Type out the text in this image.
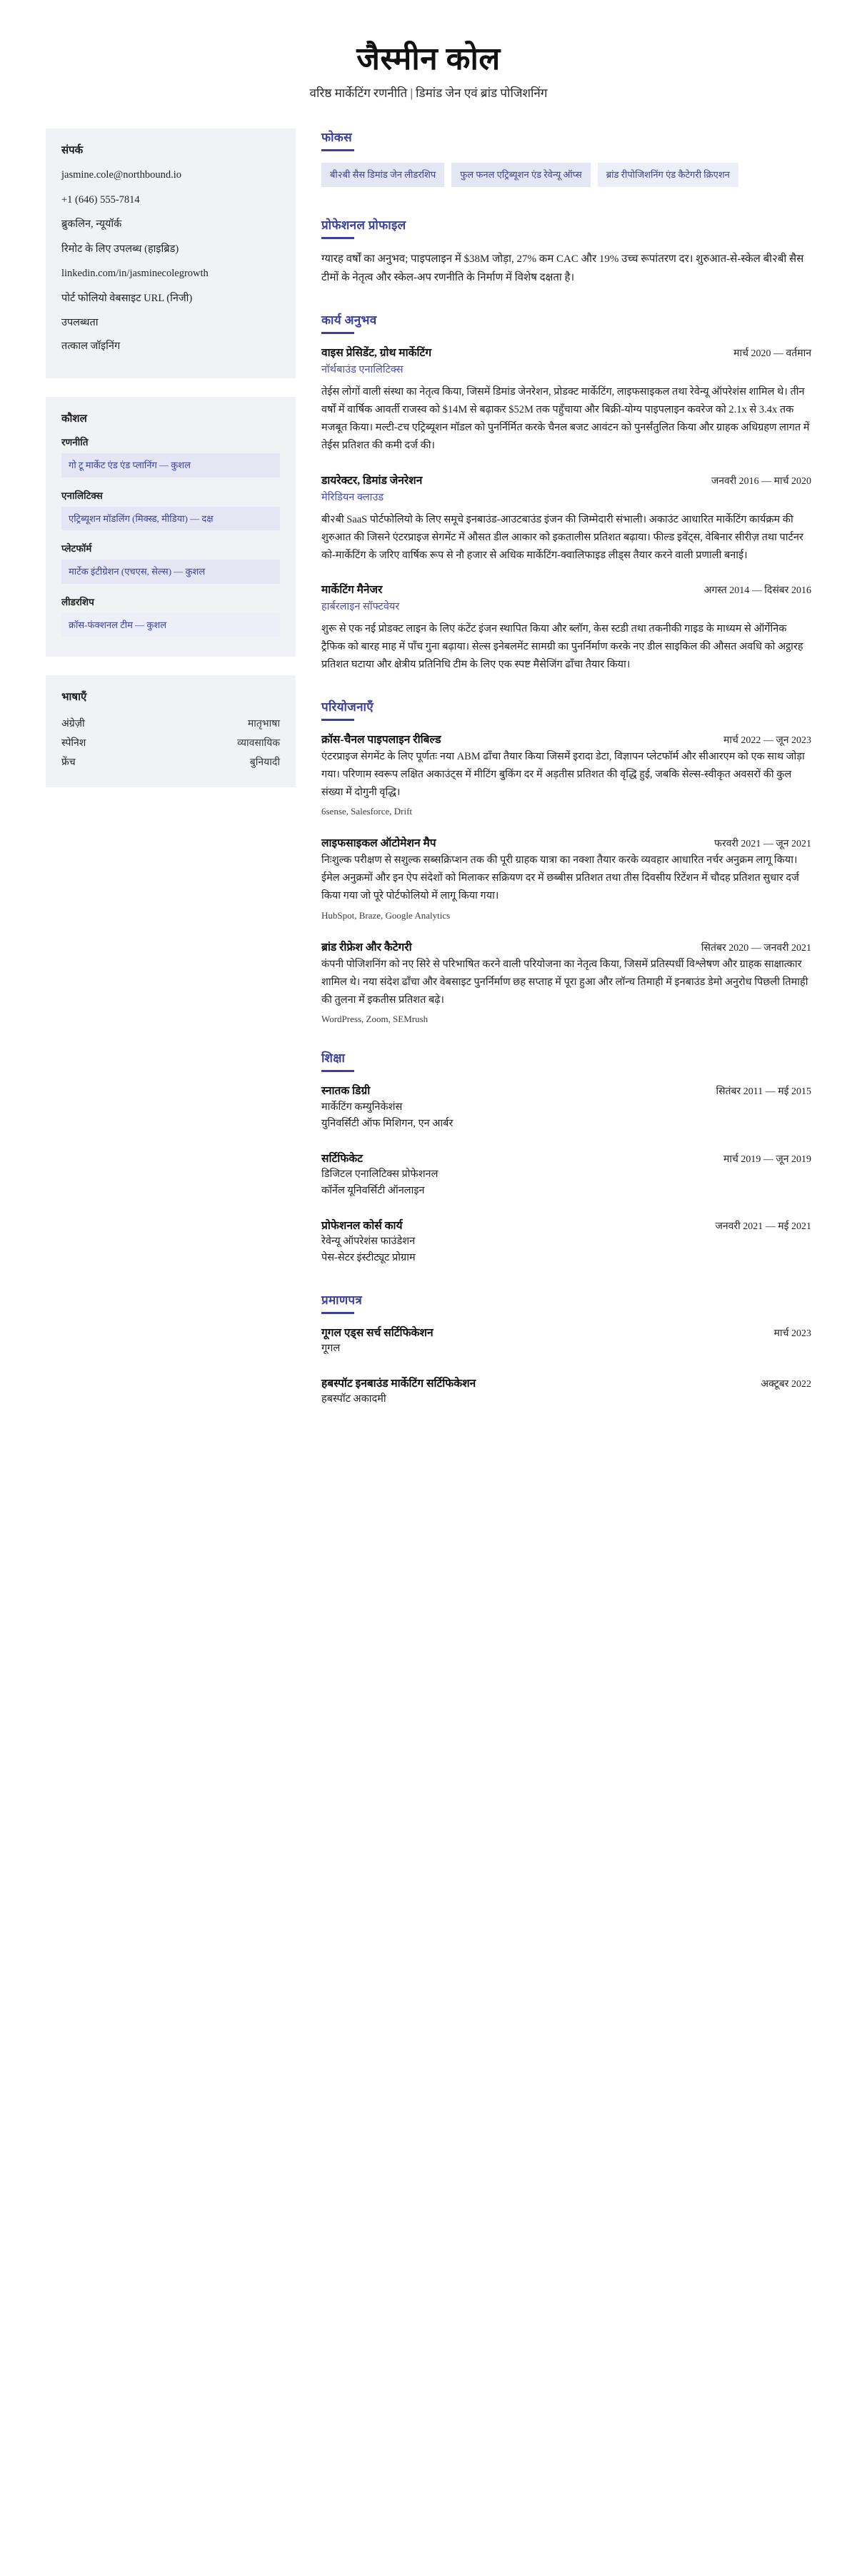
जैस्मीन कोल
वरिष्ठ मार्केटिंग रणनीति | डिमांड जेन एवं ब्रांड पोजिशनिंग
संपर्क
jasmine.cole@northbound.io
+1 (646) 555-7814
ब्रुकलिन, न्यूयॉर्क
रिमोट के लिए उपलब्ध (हाइब्रिड)
linkedin.com/in/jasminecolegrowth
पोर्ट फोलियो वेबसाइट URL (निजी)
उपलब्धता
तत्काल जॉइनिंग
कौशल
रणनीति
गो टू मार्केट एंड एंड प्लानिंग — कुशल
एनालिटिक्स
एट्रिब्यूशन मॉडलिंग (मिक्स्ड, मीडिया) — दक्ष
प्लेटफॉर्म
मार्टेक इंटीग्रेशन (एचएस, सेल्स) — कुशल
लीडरशिप
क्रॉस-फंक्शनल टीम — कुशल
भाषाएँ
अंग्रेज़ी	मातृभाषा
स्पेनिश	व्यावसायिक
फ्रेंच	बुनियादी
फोकस
बी२बी सैस डिमांड जेन लीडरशिप	फुल फनल एट्रिब्यूशन एंड रेवेन्यू ऑप्स	ब्रांड रीपोजिशनिंग एंड कैटेगरी क्रिएशन
प्रोफेशनल प्रोफाइल
ग्यारह वर्षों का अनुभव; पाइपलाइन में $38M जोड़ा, 27% कम CAC और 19% उच्च रूपांतरण दर। शुरुआत-से-स्केल बी२बी सैस टीमों के नेतृत्व और स्केल-अप रणनीति के निर्माण में विशेष दक्षता है।
कार्य अनुभव
वाइस प्रेसिडेंट, ग्रोथ मार्केटिंग	मार्च 2020 — वर्तमान
नॉर्थबाउंड एनालिटिक्स
तेईस लोगों वाली संस्था का नेतृत्व किया, जिसमें डिमांड जेनरेशन, प्रोडक्ट मार्केटिंग, लाइफसाइकल तथा रेवेन्यू ऑपरेशंस शामिल थे। तीन वर्षों में वार्षिक आवर्ती राजस्व को $14M से बढ़ाकर $52M तक पहुँचाया और बिक्री-योग्य पाइपलाइन कवरेज को 2.1x से 3.4x तक मजबूत किया। मल्टी-टच एट्रिब्यूशन मॉडल को पुनर्निर्मित करके चैनल बजट आवंटन को पुनर्संतुलित किया और ग्राहक अधिग्रहण लागत में तेईस प्रतिशत की कमी दर्ज की।
डायरेक्टर, डिमांड जेनरेशन	जनवरी 2016 — मार्च 2020
मेरिडियन क्लाउड
बी२बी SaaS पोर्टफोलियो के लिए समूचे इनबाउंड-आउटबाउंड इंजन की जिम्मेदारी संभाली। अकाउंट आधारित मार्केटिंग कार्यक्रम की शुरुआत की जिसने एंटरप्राइज सेगमेंट में औसत डील आकार को इकतालीस प्रतिशत बढ़ाया। फील्ड इवेंट्स, वेबिनार सीरीज़ तथा पार्टनर को-मार्केटिंग के जरिए वार्षिक रूप से नौ हजार से अधिक मार्केटिंग-क्वालिफाइड लीड्स तैयार करने वाली प्रणाली बनाई।
मार्केटिंग मैनेजर	अगस्त 2014 — दिसंबर 2016
हार्बरलाइन सॉफ्टवेयर
शुरू से एक नई प्रोडक्ट लाइन के लिए कंटेंट इंजन स्थापित किया और ब्लॉग, केस स्टडी तथा तकनीकी गाइड के माध्यम से ऑर्गेनिक ट्रैफिक को बारह माह में पाँच गुना बढ़ाया। सेल्स इनेबलमेंट सामग्री का पुनर्निर्माण करके नए डील साइकिल की औसत अवधि को अट्ठारह प्रतिशत घटाया और क्षेत्रीय प्रतिनिधि टीम के लिए एक स्पष्ट मैसेजिंग ढाँचा तैयार किया।
परियोजनाएँ
क्रॉस-चैनल पाइपलाइन रीबिल्ड	मार्च 2022 — जून 2023
एंटरप्राइज सेगमेंट के लिए पूर्णतः नया ABM ढाँचा तैयार किया जिसमें इरादा डेटा, विज्ञापन प्लेटफॉर्म और सीआरएम को एक साथ जोड़ा गया। परिणाम स्वरूप लक्षित अकाउंट्स में मीटिंग बुकिंग दर में अड़तीस प्रतिशत की वृद्धि हुई, जबकि सेल्स-स्वीकृत अवसरों की कुल संख्या में दोगुनी वृद्धि।
6sense, Salesforce, Drift
लाइफसाइकल ऑटोमेशन मैप	फरवरी 2021 — जून 2021
निःशुल्क परीक्षण से सशुल्क सब्सक्रिप्शन तक की पूरी ग्राहक यात्रा का नक्शा तैयार करके व्यवहार आधारित नर्चर अनुक्रम लागू किया। ईमेल अनुक्रमों और इन ऐप संदेशों को मिलाकर सक्रियण दर में छब्बीस प्रतिशत तथा तीस दिवसीय रिटेंशन में चौदह प्रतिशत सुधार दर्ज किया गया जो पूरे पोर्टफोलियो में लागू किया गया।
HubSpot, Braze, Google Analytics
ब्रांड रीफ्रेश और कैटेगरी	सितंबर 2020 — जनवरी 2021
कंपनी पोजिशनिंग को नए सिरे से परिभाषित करने वाली परियोजना का नेतृत्व किया, जिसमें प्रतिस्पर्धी विश्लेषण और ग्राहक साक्षात्कार शामिल थे। नया संदेश ढाँचा और वेबसाइट पुनर्निर्माण छह सप्ताह में पूरा हुआ और लॉन्च तिमाही में इनबाउंड डेमो अनुरोध पिछली तिमाही की तुलना में इकतीस प्रतिशत बढ़े।
WordPress, Zoom, SEMrush
शिक्षा
स्नातक डिग्री	सितंबर 2011 — मई 2015
मार्केटिंग कम्युनिकेशंस
युनिवर्सिटी ऑफ मिशिगन, एन आर्बर
सर्टिफिकेट	मार्च 2019 — जून 2019
डिजिटल एनालिटिक्स प्रोफेशनल
कॉर्नेल यूनिवर्सिटी ऑनलाइन
प्रोफेशनल कोर्स कार्य	जनवरी 2021 — मई 2021
रेवेन्यू ऑपरेशंस फाउंडेशन
पेस-सेटर इंस्टीट्यूट प्रोग्राम
प्रमाणपत्र
गूगल एड्स सर्च सर्टिफिकेशन	मार्च 2023
गूगल
हबस्पॉट इनबाउंड मार्केटिंग सर्टिफिकेशन	अक्टूबर 2022
हबस्पॉट अकादमी
